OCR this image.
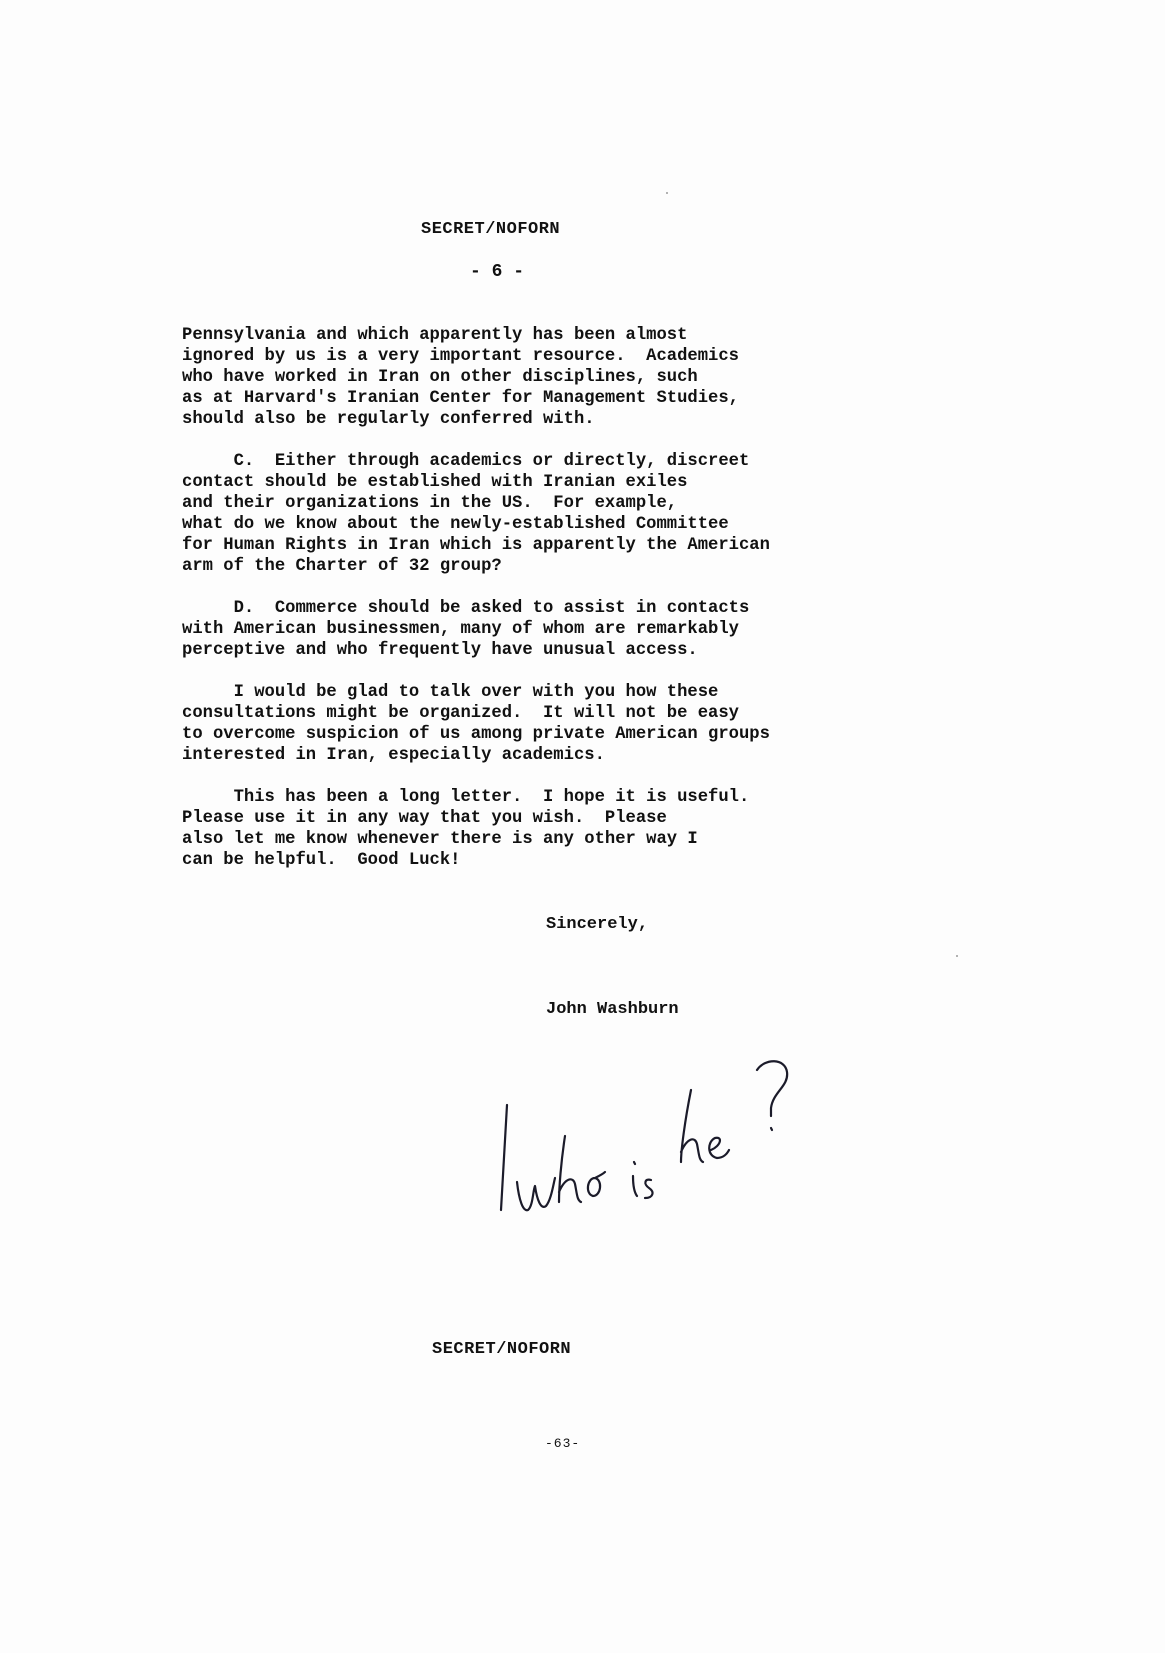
SECRET/NOFORN
- 6 -
Pennsylvania and which apparently has been almost
ignored by us is a very important resource.  Academics
who have worked in Iran on other disciplines, such
as at Harvard's Iranian Center for Management Studies,
should also be regularly conferred with.
C.  Either through academics or directly, discreet
contact should be established with Iranian exiles
and their organizations in the US.  For example,
what do we know about the newly-established Committee
for Human Rights in Iran which is apparently the American
arm of the Charter of 32 group?
D.  Commerce should be asked to assist in contacts
with American businessmen, many of whom are remarkably
perceptive and who frequently have unusual access.
I would be glad to talk over with you how these
consultations might be organized.  It will not be easy
to overcome suspicion of us among private American groups
interested in Iran, especially academics.
This has been a long letter.  I hope it is useful.
Please use it in any way that you wish.  Please
also let me know whenever there is any other way I
can be helpful.  Good Luck!
Sincerely,
John Washburn
SECRET/NOFORN
-63-
